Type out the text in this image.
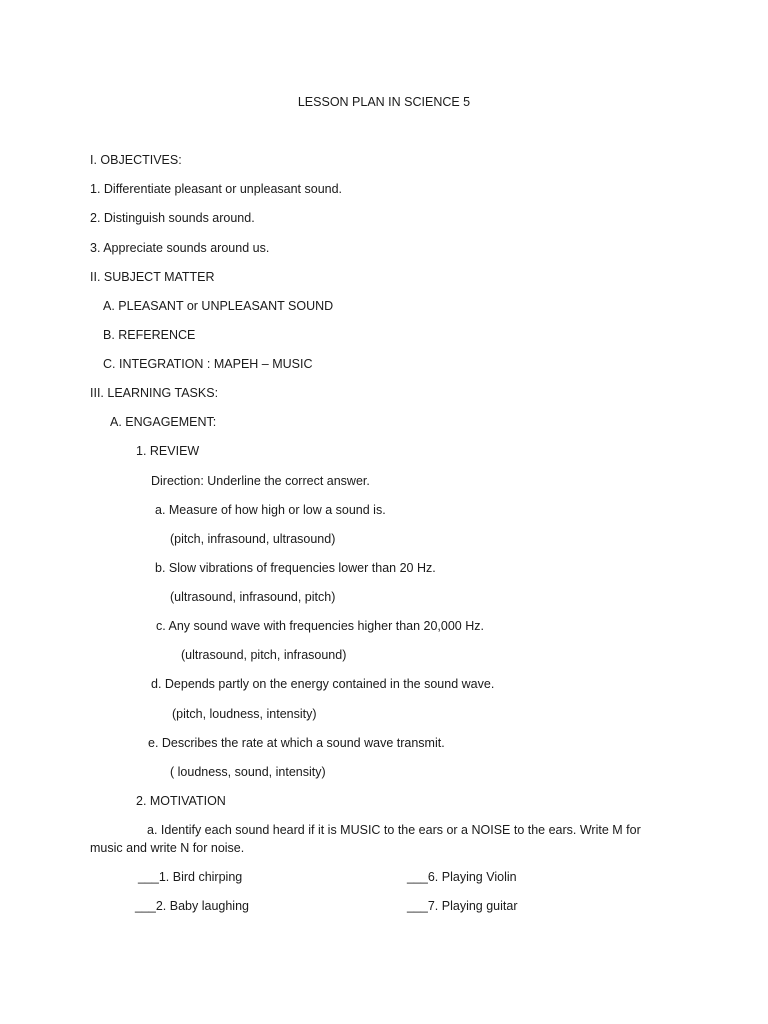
LESSON PLAN IN SCIENCE 5
I. OBJECTIVES:
1. Differentiate pleasant or unpleasant sound.
2. Distinguish sounds around.
3. Appreciate sounds around us.
II. SUBJECT MATTER
A. PLEASANT or UNPLEASANT SOUND
B. REFERENCE
C. INTEGRATION : MAPEH – MUSIC
III. LEARNING TASKS:
A. ENGAGEMENT:
1. REVIEW
Direction: Underline the correct answer.
a. Measure of how high or low a sound is.
(pitch, infrasound, ultrasound)
b. Slow vibrations of frequencies lower than 20 Hz.
(ultrasound, infrasound, pitch)
c. Any sound wave with frequencies higher than 20,000 Hz.
(ultrasound, pitch, infrasound)
d. Depends partly on the energy contained in the sound wave.
(pitch, loudness, intensity)
e. Describes the rate at which a sound wave transmit.
( loudness, sound, intensity)
2. MOTIVATION
a. Identify each sound heard if it is MUSIC to the ears or a NOISE to the ears. Write M for music and write N for noise.
___1. Bird chirping	___6. Playing Violin
___2. Baby laughing	___7. Playing guitar
